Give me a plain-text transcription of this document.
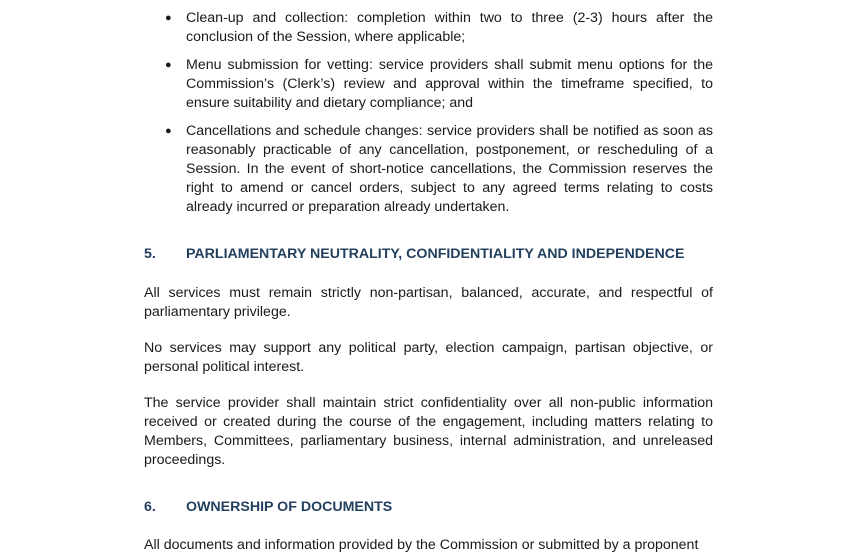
● Clean-up and collection: completion within two to three (2-3) hours after the conclusion of the Session, where applicable;
● Menu submission for vetting: service providers shall submit menu options for the Commission’s (Clerk’s) review and approval within the timeframe specified, to ensure suitability and dietary compliance; and
● Cancellations and schedule changes: service providers shall be notified as soon as reasonably practicable of any cancellation, postponement, or rescheduling of a Session. In the event of short-notice cancellations, the Commission reserves the right to amend or cancel orders, subject to any agreed terms relating to costs already incurred or preparation already undertaken.
5.	PARLIAMENTARY NEUTRALITY, CONFIDENTIALITY AND INDEPENDENCE

All services must remain strictly non-partisan, balanced, accurate, and respectful of parliamentary privilege.

No services may support any political party, election campaign, partisan objective, or personal political interest.

The service provider shall maintain strict confidentiality over all non-public information received or created during the course of the engagement, including matters relating to Members, Committees, parliamentary business, internal administration, and unreleased proceedings.

6.	OWNERSHIP OF DOCUMENTS

All documents and information provided by the Commission or submitted by a proponent
